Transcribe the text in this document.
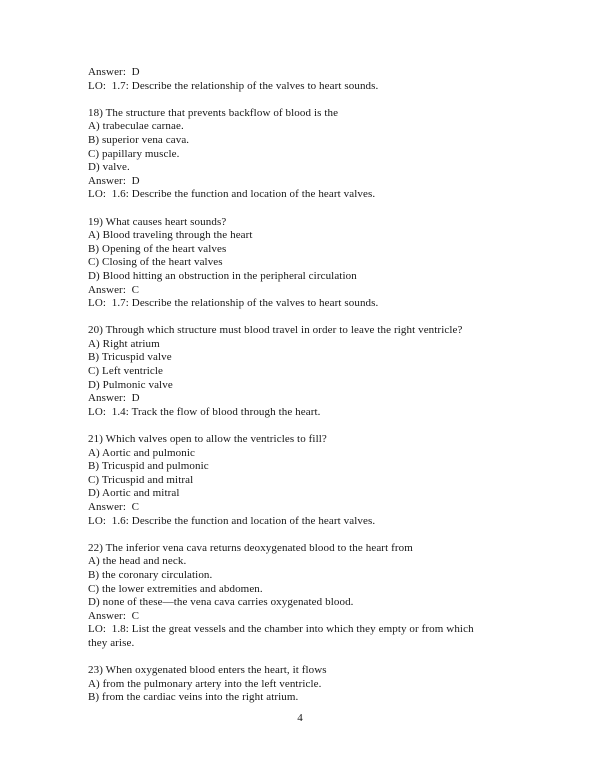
Answer:  D

LO:  1.7: Describe the relationship of the valves to heart sounds.

18) The structure that prevents backflow of blood is the

A) trabeculae carnae.

B) superior vena cava.

C) papillary muscle.

D) valve.

Answer:  D

LO:  1.6: Describe the function and location of the heart valves.

19) What causes heart sounds?

A) Blood traveling through the heart

B) Opening of the heart valves

C) Closing of the heart valves

D) Blood hitting an obstruction in the peripheral circulation

Answer:  C

LO:  1.7: Describe the relationship of the valves to heart sounds.

20) Through which structure must blood travel in order to leave the right ventricle?

A) Right atrium

B) Tricuspid valve

C) Left ventricle

D) Pulmonic valve

Answer:  D

LO:  1.4: Track the flow of blood through the heart.

21) Which valves open to allow the ventricles to fill?

A) Aortic and pulmonic

B) Tricuspid and pulmonic

C) Tricuspid and mitral

D) Aortic and mitral

Answer:  C

LO:  1.6: Describe the function and location of the heart valves.

22) The inferior vena cava returns deoxygenated blood to the heart from

A) the head and neck.

B) the coronary circulation.

C) the lower extremities and abdomen.

D) none of these—the vena cava carries oxygenated blood.

Answer:  C

LO:  1.8: List the great vessels and the chamber into which they empty or from which

they arise.

23) When oxygenated blood enters the heart, it flows

A) from the pulmonary artery into the left ventricle.

B) from the cardiac veins into the right atrium.

4
